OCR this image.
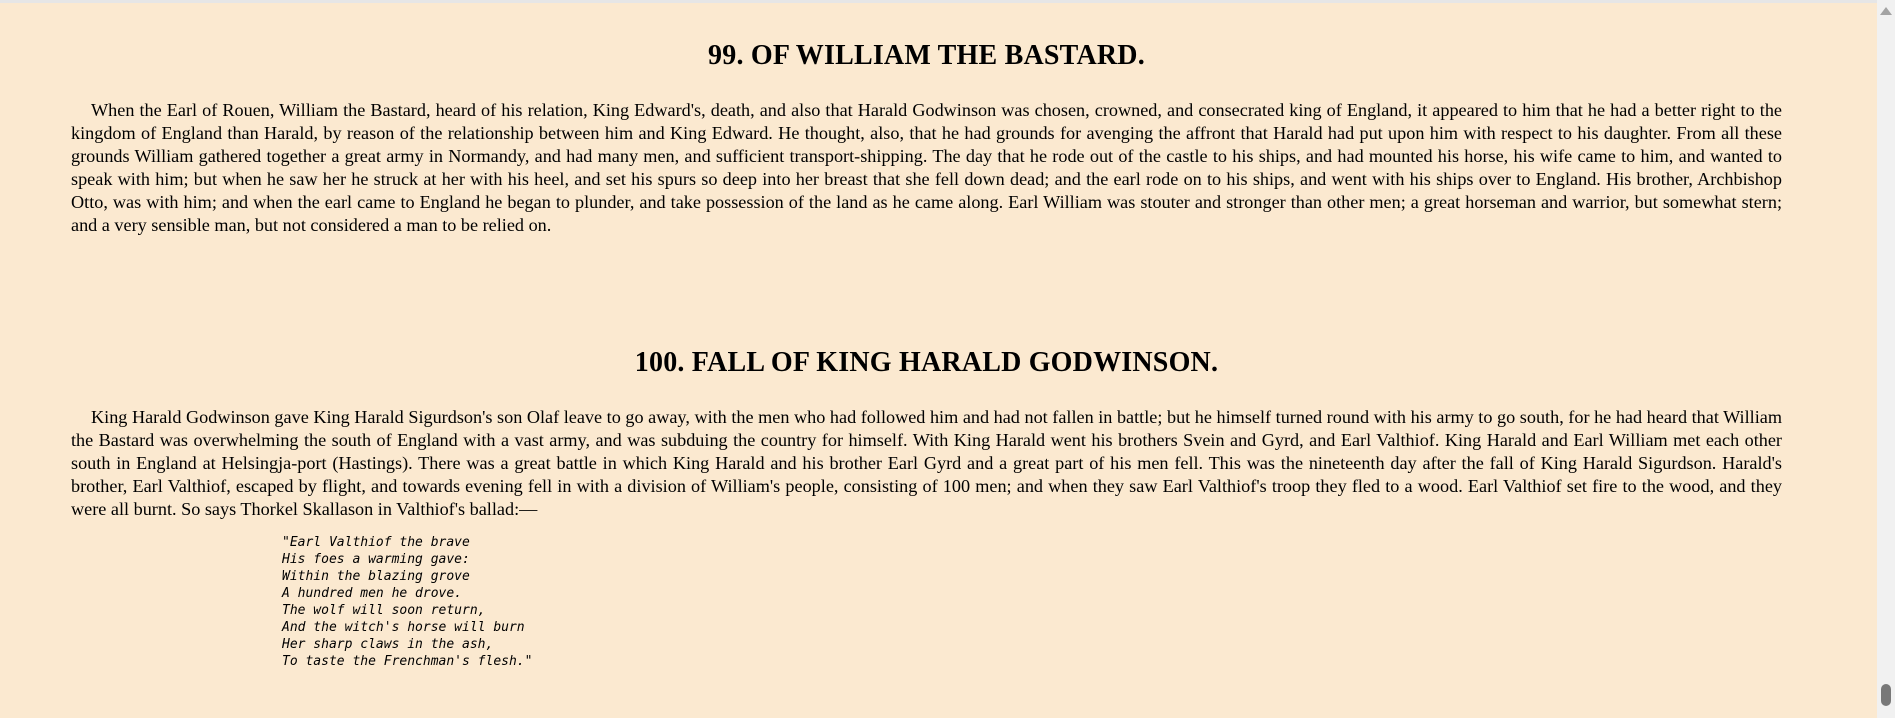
99. OF WILLIAM THE BASTARD.

When the Earl of Rouen, William the Bastard, heard of his relation, King Edward's, death, and also that Harald Godwinson was chosen, crowned, and consecrated king of England, it appeared to him that he had a better right to the kingdom of England than Harald, by reason of the relationship between him and King Edward. He thought, also, that he had grounds for avenging the affront that Harald had put upon him with respect to his daughter. From all these grounds William gathered together a great army in Normandy, and had many men, and sufficient transport-shipping. The day that he rode out of the castle to his ships, and had mounted his horse, his wife came to him, and wanted to speak with him; but when he saw her he struck at her with his heel, and set his spurs so deep into her breast that she fell down dead; and the earl rode on to his ships, and went with his ships over to England. His brother, Archbishop Otto, was with him; and when the earl came to England he began to plunder, and take possession of the land as he came along. Earl William was stouter and stronger than other men; a great horseman and warrior, but somewhat stern; and a very sensible man, but not considered a man to be relied on.

100. FALL OF KING HARALD GODWINSON.

King Harald Godwinson gave King Harald Sigurdson's son Olaf leave to go away, with the men who had followed him and had not fallen in battle; but he himself turned round with his army to go south, for he had heard that William the Bastard was overwhelming the south of England with a vast army, and was subduing the country for himself. With King Harald went his brothers Svein and Gyrd, and Earl Valthiof. King Harald and Earl William met each other south in England at Helsingja-port (Hastings). There was a great battle in which King Harald and his brother Earl Gyrd and a great part of his men fell. This was the nineteenth day after the fall of King Harald Sigurdson. Harald's brother, Earl Valthiof, escaped by flight, and towards evening fell in with a division of William's people, consisting of 100 men; and when they saw Earl Valthiof's troop they fled to a wood. Earl Valthiof set fire to the wood, and they were all burnt. So says Thorkel Skallason in Valthiof's ballad:—

"Earl Valthiof the brave
His foes a warming gave:
Within the blazing grove
A hundred men he drove.
The wolf will soon return,
And the witch's horse will burn
Her sharp claws in the ash,
To taste the Frenchman's flesh."
